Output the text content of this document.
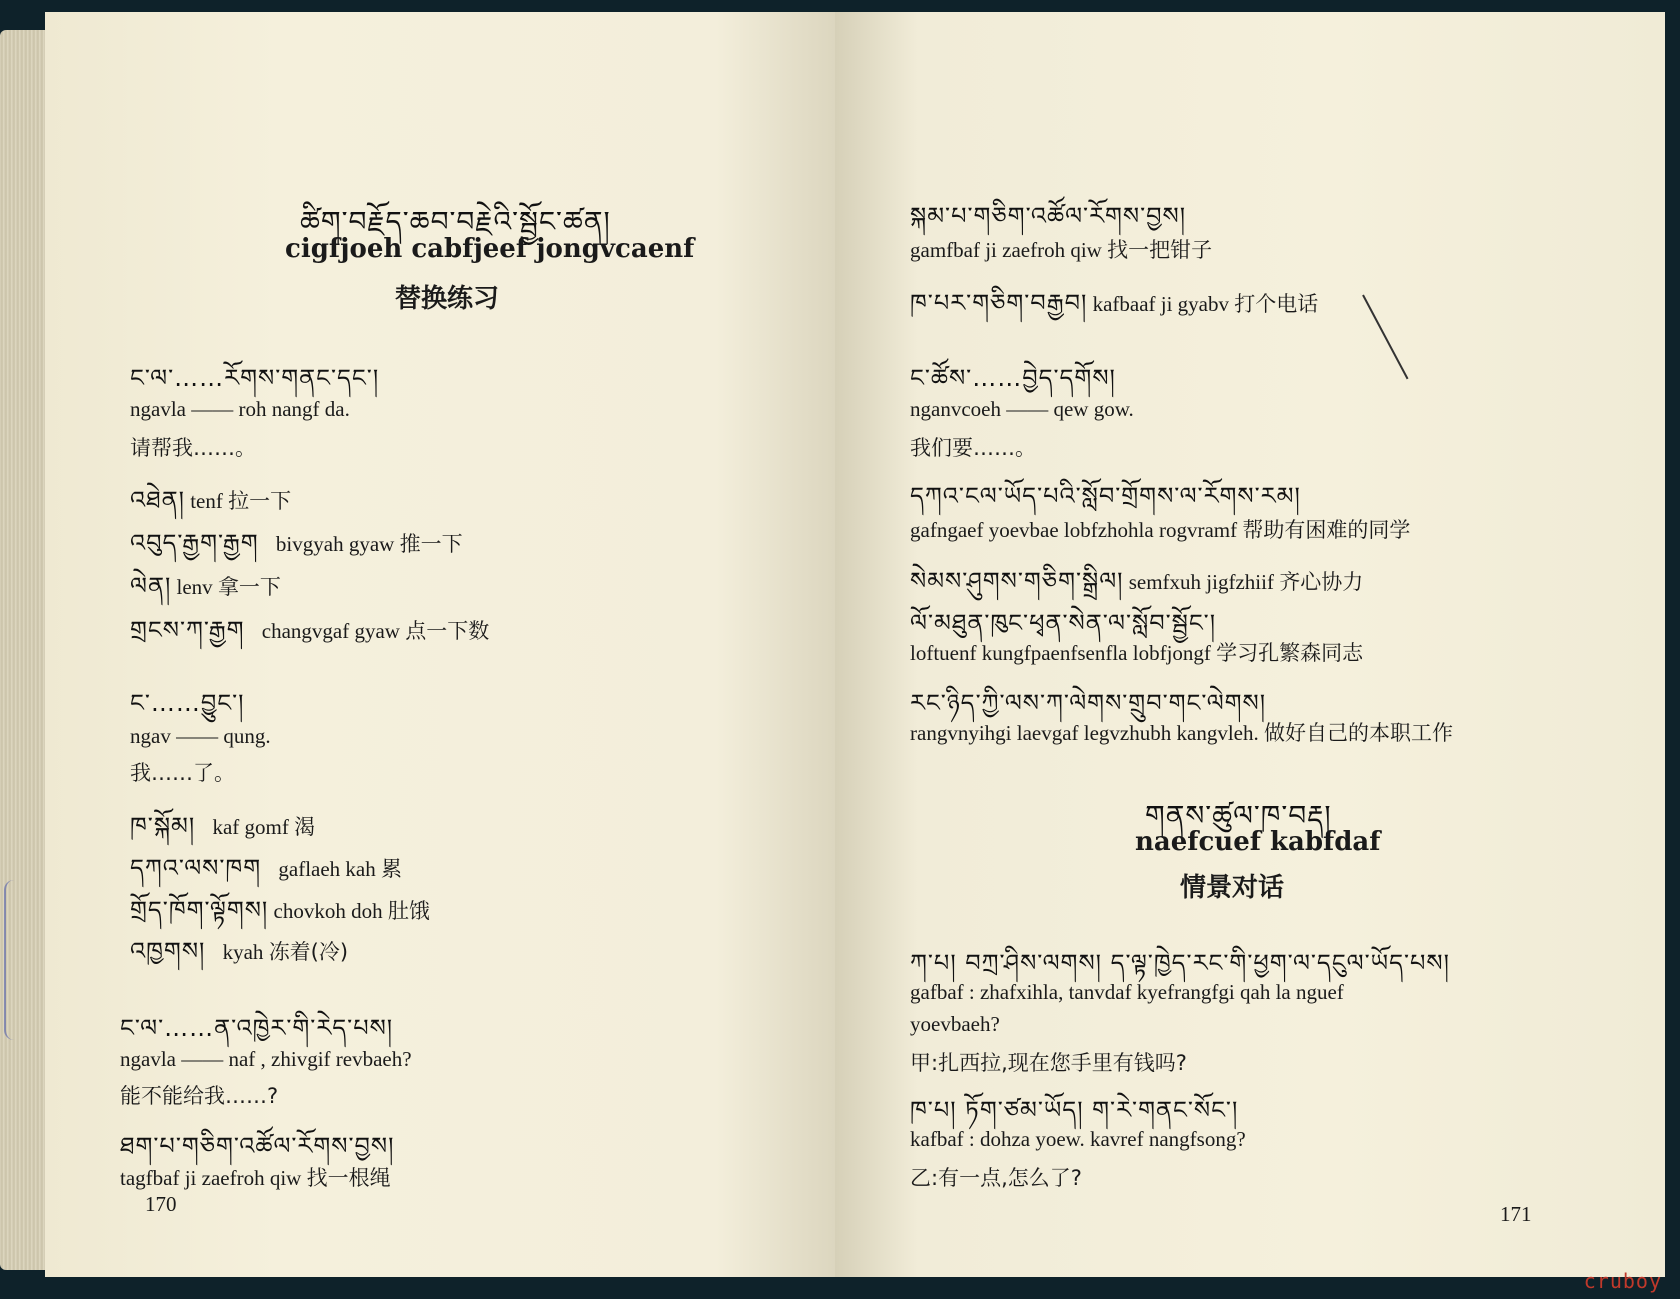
ཚིག་བརྗོད་ཆབ་བརྗེའི་སྦྱོང་ཚན།
cigfjoeh cabfjeef jongvcaenf
替换练习
ང་ལ་……རོགས་གནང་དང་།
ngavla —— roh nangf da.
请帮我……。
འཐེན། tenf 拉一下
འབུད་རྒྱག་རྒྱག bivgyah gyaw 推一下
ལེན། lenv 拿一下
གྲངས་ཀ་རྒྱག changvgaf gyaw 点一下数
ང་……བྱུང་།
ngav —— qung.
我……了。
ཁ་སྐོམ། kaf gomf 渴
དཀའ་ལས་ཁག gaflaeh kah 累
གྲོད་ཁོག་ལྟོགས། chovkoh doh 肚饿
འཁྱགས། kyah 冻着(冷)
ང་ལ་……ན་འཁྱེར་གི་རེད་པས།
ngavla —— naf , zhivgif revbaeh?
能不能给我……?
ཐག་པ་གཅིག་འཚོལ་རོགས་བྱས།
tagfbaf ji zaefroh qiw 找一根绳
170
སྐམ་པ་གཅིག་འཚོལ་རོགས་བྱས།
gamfbaf ji zaefroh qiw 找一把钳子
ཁ་པར་གཅིག་བརྒྱབ། kafbaaf ji gyabv 打个电话
ང་ཚོས་……བྱེད་དགོས།
nganvcoeh —— qew gow.
我们要……。
དཀའ་ངལ་ཡོད་པའི་སློབ་གྲོགས་ལ་རོགས་རམ།
gafngaef yoevbae lobfzhohla rogvramf 帮助有困难的同学
སེམས་ཤུགས་གཅིག་སྒྲིལ། semfxuh jigfzhiif 齐心协力
ལོ་མཐུན་ཁུང་ཕྭན་སེན་ལ་སློབ་སྦྱོང་།
loftuenf kungfpaenfsenfla lobfjongf 学习孔繁森同志
རང་ཉིད་ཀྱི་ལས་ཀ་ལེགས་གྲུབ་གང་ལེགས།
rangvnyihgi laevgaf legvzhubh kangvleh. 做好自己的本职工作
གནས་ཚུལ་ཁ་བརྡ།
naefcuef kabfdaf
情景对话
ཀ་པ། བཀྲ་ཤིས་ལགས། ད་ལྟ་ཁྱེད་རང་གི་ཕྱག་ལ་དངུལ་ཡོད་པས།
gafbaf : zhafxihla, tanvdaf kyefrangfgi qah la nguef
yoevbaeh?
甲:扎西拉,现在您手里有钱吗?
ཁ་པ། ཏོག་ཙམ་ཡོད། ག་རེ་གནང་སོང་།
kafbaf : dohza yoew. kavref nangfsong?
乙:有一点,怎么了?
171
cruboy
